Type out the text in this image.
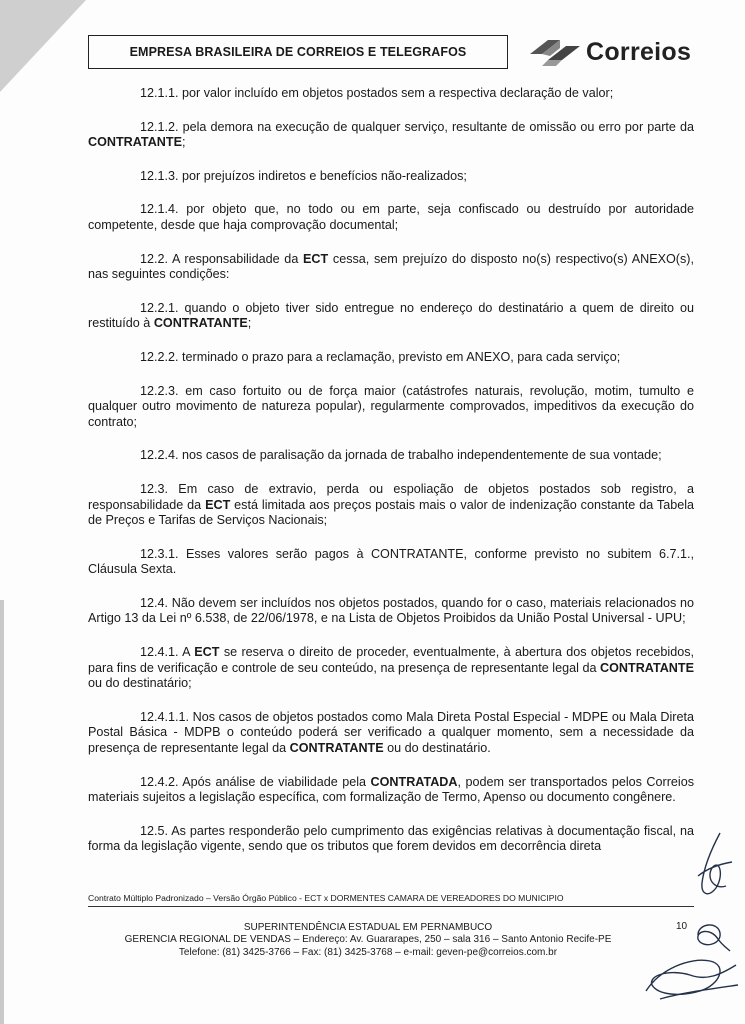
EMPRESA BRASILEIRA DE CORREIOS E TELEGRAFOS	Correios

12.1.1. por valor incluído em objetos postados sem a respectiva declaração de valor;

12.1.2. pela demora na execução de qualquer serviço, resultante de omissão ou erro por parte da CONTRATANTE;

12.1.3. por prejuízos indiretos e benefícios não-realizados;

12.1.4. por objeto que, no todo ou em parte, seja confiscado ou destruído por autoridade competente, desde que haja comprovação documental;

12.2. A responsabilidade da ECT cessa, sem prejuízo do disposto no(s) respectivo(s) ANEXO(s), nas seguintes condições:

12.2.1. quando o objeto tiver sido entregue no endereço do destinatário a quem de direito ou restituído à CONTRATANTE;

12.2.2. terminado o prazo para a reclamação, previsto em ANEXO, para cada serviço;

12.2.3. em caso fortuito ou de força maior (catástrofes naturais, revolução, motim, tumulto e qualquer outro movimento de natureza popular), regularmente comprovados, impeditivos da execução do contrato;

12.2.4. nos casos de paralisação da jornada de trabalho independentemente de sua vontade;

12.3. Em caso de extravio, perda ou espoliação de objetos postados sob registro, a responsabilidade da ECT está limitada aos preços postais mais o valor de indenização constante da Tabela de Preços e Tarifas de Serviços Nacionais;

12.3.1. Esses valores serão pagos à CONTRATANTE, conforme previsto no subitem 6.7.1., Cláusula Sexta.

12.4. Não devem ser incluídos nos objetos postados, quando for o caso, materiais relacionados no Artigo 13 da Lei nº 6.538, de 22/06/1978, e na Lista de Objetos Proibidos da União Postal Universal - UPU;

12.4.1. A ECT se reserva o direito de proceder, eventualmente, à abertura dos objetos recebidos, para fins de verificação e controle de seu conteúdo, na presença de representante legal da CONTRATANTE ou do destinatário;

12.4.1.1. Nos casos de objetos postados como Mala Direta Postal Especial - MDPE ou Mala Direta Postal Básica - MDPB o conteúdo poderá ser verificado a qualquer momento, sem a necessidade da presença de representante legal da CONTRATANTE ou do destinatário.

12.4.2. Após análise de viabilidade pela CONTRATADA, podem ser transportados pelos Correios materiais sujeitos a legislação específica, com formalização de Termo, Apenso ou documento congênere.

12.5. As partes responderão pelo cumprimento das exigências relativas à documentação fiscal, na forma da legislação vigente, sendo que os tributos que forem devidos em decorrência direta

Contrato Múltiplo Padronizado – Versão Órgão Público - ECT x DORMENTES CAMARA DE VEREADORES DO MUNICIPIO
SUPERINTENDÊNCIA ESTADUAL EM PERNAMBUCO
GERENCIA REGIONAL DE VENDAS – Endereço: Av. Guararapes, 250 – sala 316 – Santo Antonio Recife-PE
Telefone: (81) 3425-3766 – Fax: (81) 3425-3768 – e-mail: geven-pe@correios.com.br
10
